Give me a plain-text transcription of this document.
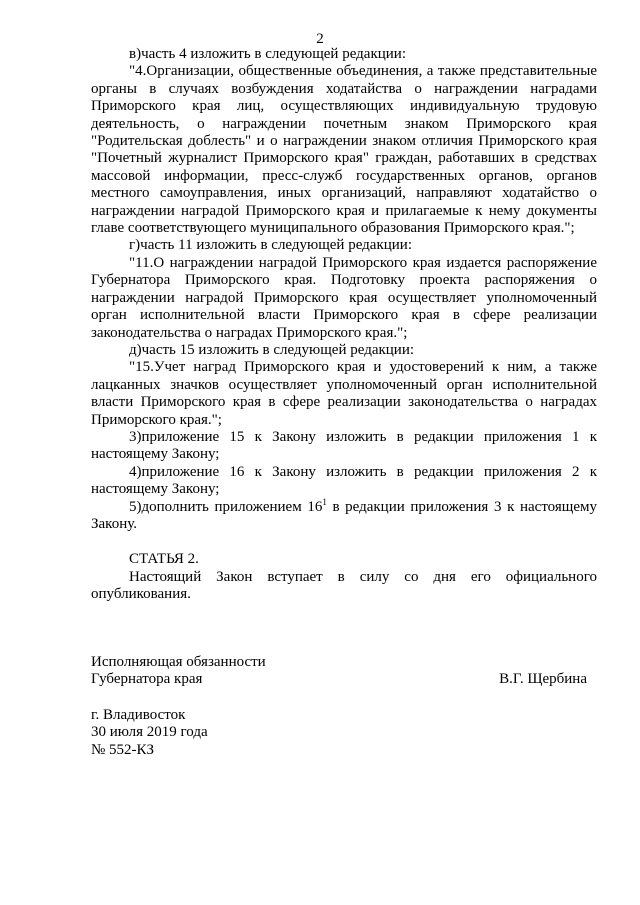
2

в)часть 4 изложить в следующей редакции:

"4.Организации, общественные объединения, а также представительные органы в случаях возбуждения ходатайства о награждении наградами Приморского края лиц, осуществляющих индивидуальную трудовую деятельность, о награждении почетным знаком Приморского края "Родительская доблесть" и о награждении знаком отличия Приморского края "Почетный журналист Приморского края" граждан, работавших в средствах массовой информации, пресс-служб государственных органов, органов местного самоуправления, иных организаций, направляют ходатайство о награждении наградой Приморского края и прилагаемые к нему документы главе соответствующего муниципального образования Приморского края.";

г)часть 11 изложить в следующей редакции:

"11.О награждении наградой Приморского края издается распоряжение Губернатора Приморского края. Подготовку проекта распоряжения о награждении наградой Приморского края осуществляет уполномоченный орган исполнительной власти Приморского края в сфере реализации законодательства о наградах Приморского края.";

д)часть 15 изложить в следующей редакции:

"15.Учет наград Приморского края и удостоверений к ним, а также лацканных значков осуществляет уполномоченный орган исполнительной власти Приморского края в сфере реализации законодательства о наградах Приморского края.";

3)приложение 15 к Закону изложить в редакции приложения 1 к настоящему Закону;

4)приложение 16 к Закону изложить в редакции приложения 2 к настоящему Закону;

5)дополнить приложением $16^1$ в редакции приложения 3 к настоящему Закону.

СТАТЬЯ 2.

Настоящий Закон вступает в силу со дня его официального опубликования.

Исполняющая обязанности
Губернатора края	В.Г. Щербина
г. Владивосток
30 июля 2019 года
№ 552-КЗ
